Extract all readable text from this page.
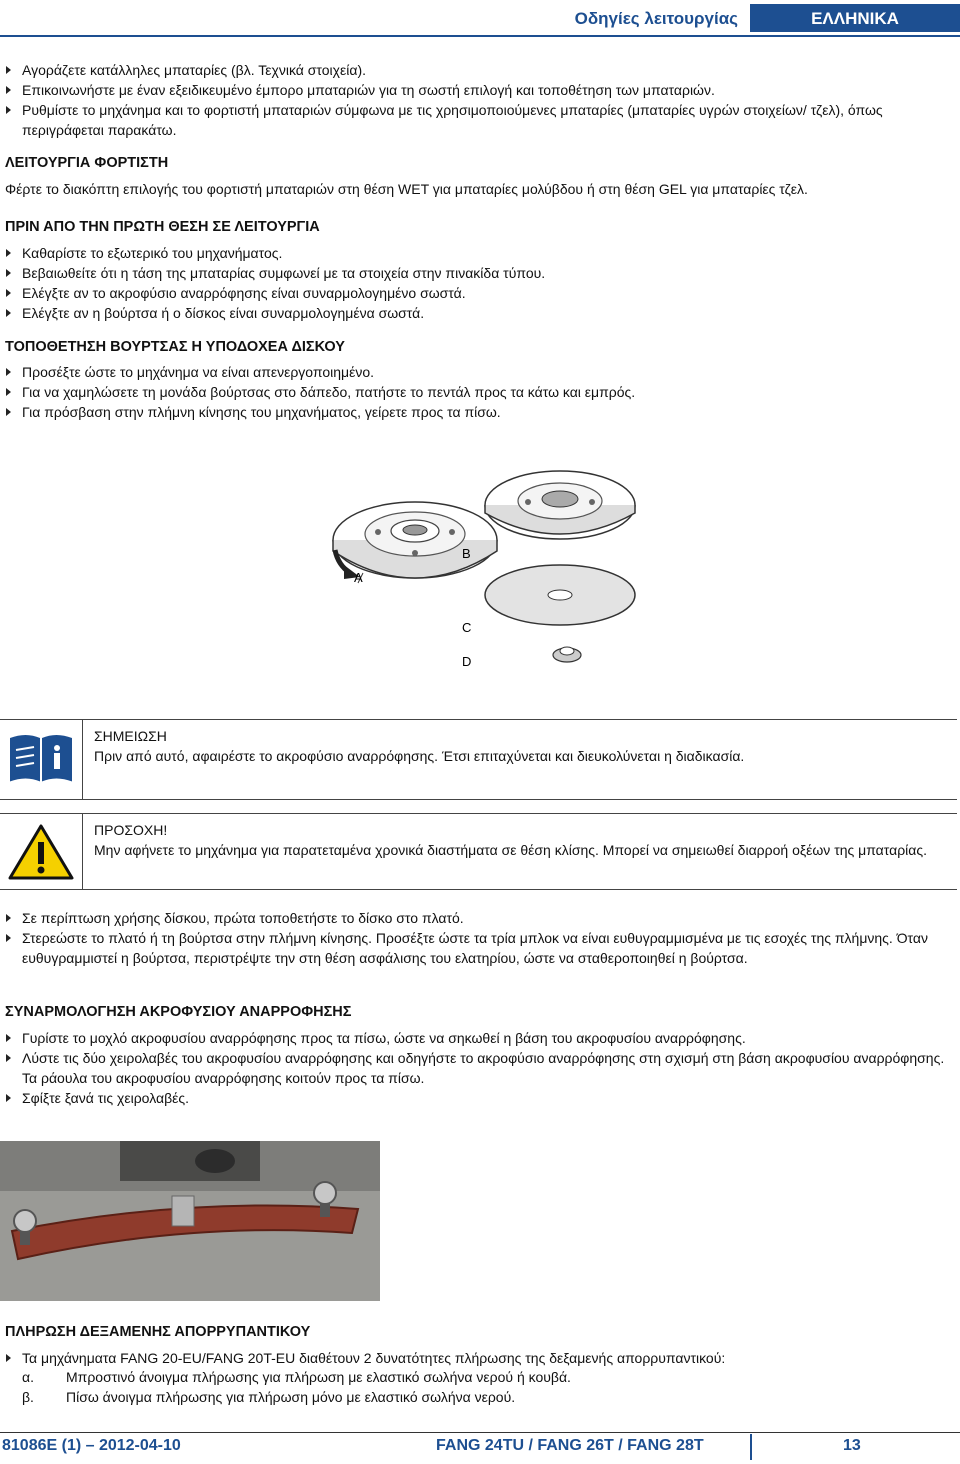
Οδηγίες λειτουργίας	ΕΛΛΗΝΙΚΑ
Αγοράζετε κατάλληλες μπαταρίες (βλ. Τεχνικά στοιχεία).
Επικοινωνήστε με έναν εξειδικευμένο έμπορο μπαταριών για τη σωστή επιλογή και τοποθέτηση των μπαταριών.
Ρυθμίστε το μηχάνημα και το φορτιστή μπαταριών σύμφωνα με τις χρησιμοποιούμενες μπαταρίες (μπαταρίες υγρών στοιχείων/ τζελ), όπως περιγράφεται παρακάτω.
ΛΕΙΤΟΥΡΓΙΑ ΦΟΡΤΙΣΤΗ
Φέρτε το διακόπτη επιλογής του φορτιστή μπαταριών στη θέση WET για μπαταρίες μολύβδου ή στη θέση GEL για μπαταρίες τζελ.
ΠΡΙΝ ΑΠΟ ΤΗΝ ΠΡΩΤΗ ΘΕΣΗ ΣΕ ΛΕΙΤΟΥΡΓΙΑ
Καθαρίστε το εξωτερικό του μηχανήματος.
Βεβαιωθείτε ότι η τάση της μπαταρίας συμφωνεί με τα στοιχεία στην πινακίδα τύπου.
Ελέγξτε αν το ακροφύσιο αναρρόφησης είναι συναρμολογημένο σωστά.
Ελέγξτε αν η βούρτσα ή ο δίσκος είναι συναρμολογημένα σωστά.
ΤΟΠΟΘΕΤΗΣΗ ΒΟΥΡΤΣΑΣ Η ΥΠΟΔΟΧΕΑ ΔΙΣΚΟΥ
Προσέξτε ώστε το μηχάνημα να είναι απενεργοποιημένο.
Για να χαμηλώσετε τη μονάδα βούρτσας στο δάπεδο, πατήστε το πεντάλ προς τα κάτω και εμπρός.
Για πρόσβαση στην πλήμνη κίνησης του μηχανήματος, γείρετε προς τα πίσω.
A
B
C
D
ΣΗΜΕΙΩΣΗ
Πριν από αυτό, αφαιρέστε το ακροφύσιο αναρρόφησης. Έτσι επιταχύνεται και διευκολύνεται η διαδικασία.
ΠΡΟΣΟΧΗ!
Μην αφήνετε το μηχάνημα για παρατεταμένα χρονικά διαστήματα σε θέση κλίσης. Μπορεί να σημειωθεί διαρροή οξέων της μπαταρίας.
Σε περίπτωση χρήσης δίσκου, πρώτα τοποθετήστε το δίσκο στο πλατό.
Στερεώστε το πλατό ή τη βούρτσα στην πλήμνη κίνησης. Προσέξτε ώστε τα τρία μπλοκ να είναι ευθυγραμμισμένα με τις εσοχές της πλήμνης. Όταν ευθυγραμμιστεί η βούρτσα, περιστρέψτε την στη θέση ασφάλισης του ελατηρίου, ώστε να σταθεροποιηθεί η βούρτσα.
ΣΥΝΑΡΜΟΛΟΓΗΣΗ ΑΚΡΟΦΥΣΙΟΥ ΑΝΑΡΡΟΦΗΣΗΣ
Γυρίστε το μοχλό ακροφυσίου αναρρόφησης προς τα πίσω, ώστε να σηκωθεί η βάση του ακροφυσίου αναρρόφησης.
Λύστε τις δύο χειρολαβές του ακροφυσίου αναρρόφησης και οδηγήστε το ακροφύσιο αναρρόφησης στη σχισμή στη βάση ακροφυσίου αναρρόφησης. Τα ράουλα του ακροφυσίου αναρρόφησης κοιτούν προς τα πίσω.
Σφίξτε ξανά τις χειρολαβές.
ΠΛΗΡΩΣΗ ΔΕΞΑΜΕΝΗΣ ΑΠΟΡΡΥΠΑΝΤΙΚΟΥ
Τα μηχάνηματα FANG 20-EU/FANG 20T-EU διαθέτουν 2 δυνατότητες πλήρωσης της δεξαμενής απορρυπαντικού:
α. Μπροστινό άνοιγμα πλήρωσης για πλήρωση με ελαστικό σωλήνα νερού ή κουβά.
β. Πίσω άνοιγμα πλήρωσης για πλήρωση μόνο με ελαστικό σωλήνα νερού.
81086E (1) – 2012-04-10	FANG 24TU / FANG 26T / FANG 28T	13
